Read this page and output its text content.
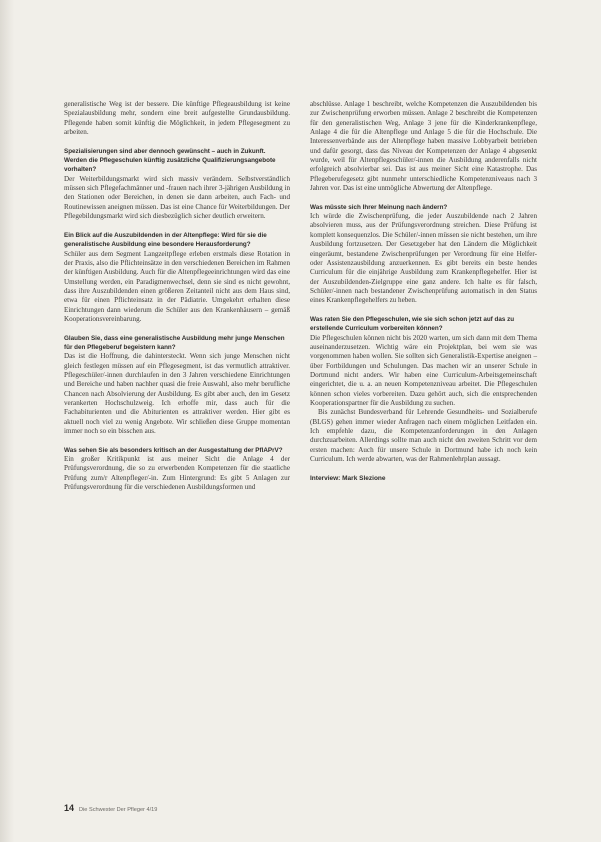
generalistische Weg ist der bessere. Die künftige Pflegeausbildung ist keine Spezialausbildung mehr, sondern eine breit aufgestellte Grundausbildung. Pflegende haben somit künftig die Möglichkeit, in jedem Pflegesegment zu arbeiten.

Spezialisierungen sind aber dennoch gewünscht – auch in Zukunft. Werden die Pflegeschulen künftig zusätzliche Qualifizierungsangebote vorhalten?

Der Weiterbildungsmarkt wird sich massiv verändern. Selbstverständlich müssen sich Pflegefachmänner und -frauen nach ihrer 3-jährigen Ausbildung in den Stationen oder Bereichen, in denen sie dann arbeiten, auch Fach- und Routinewissen aneignen müssen. Das ist eine Chance für Weiterbildungen. Der Pflegebildungsmarkt wird sich diesbezüglich sicher deutlich erweitern.

Ein Blick auf die Auszubildenden in der Altenpflege: Wird für sie die generalistische Ausbildung eine besondere Herausforderung?

Schüler aus dem Segment Langzeitpflege erleben erstmals diese Rotation in der Praxis, also die Pflichteinsätze in den verschiedenen Bereichen im Rahmen der künftigen Ausbildung. Auch für die Altenpflegeeinrichtungen wird das eine Umstellung werden, ein Paradigmenwechsel, denn sie sind es nicht gewohnt, dass ihre Auszubildenden einen größeren Zeitanteil nicht aus dem Haus sind, etwa für einen Pflichteinsatz in der Pädiatrie. Umgekehrt erhalten diese Einrichtungen dann wiederum die Schüler aus den Krankenhäusern – gemäß Kooperationsvereinbarung.

Glauben Sie, dass eine generalistische Ausbildung mehr junge Menschen für den Pflegeberuf begeistern kann?

Das ist die Hoffnung, die dahintersteckt. Wenn sich junge Menschen nicht gleich festlegen müssen auf ein Pflegesegment, ist das vermutlich attraktiver. Pflegeschüler/-innen durchlaufen in den 3 Jahren verschiedene Einrichtungen und Bereiche und haben nachher quasi die freie Auswahl, also mehr berufliche Chancen nach Absolvierung der Ausbildung. Es gibt aber auch, den im Gesetz verankerten Hochschulzweig. Ich erhoffe mir, dass auch für die Fachabiturienten und die Abiturienten es attraktiver werden. Hier gibt es aktuell noch viel zu wenig Angebote. Wir schließen diese Gruppe momentan immer noch so ein bisschen aus.

Was sehen Sie als besonders kritisch an der Ausgestaltung der PflAPrV?

Ein großer Kritikpunkt ist aus meiner Sicht die Anlage 4 der Prüfungsverordnung, die so zu erwerbenden Kompetenzen für die staatliche Prüfung zum/r Altenpfleger/-in. Zum Hintergrund: Es gibt 5 Anlagen zur Prüfungsverordnung für die verschiedenen Ausbildungsformen und

abschlüsse. Anlage 1 beschreibt, welche Kompetenzen die Auszubildenden bis zur Zwischenprüfung erworben müssen. Anlage 2 beschreibt die Kompetenzen für den generalistischen Weg, Anlage 3 jene für die Kinderkrankenpflege, Anlage 4 die für die Altenpflege und Anlage 5 die für die Hochschule. Die Interessenverbände aus der Altenpflege haben massive Lobbyarbeit betrieben und dafür gesorgt, dass das Niveau der Kompetenzen der Anlage 4 abgesenkt wurde, weil für Altenpflegeschüler/-innen die Ausbildung anderenfalls nicht erfolgreich absolvierbar sei. Das ist aus meiner Sicht eine Katastrophe. Das Pflegeberufegesetz gibt nunmehr unterschiedliche Kompetenzniveaus nach 3 Jahren vor. Das ist eine unmögliche Abwertung der Altenpflege.

Was müsste sich Ihrer Meinung nach ändern?

Ich würde die Zwischenprüfung, die jeder Auszubildende nach 2 Jahren absolvieren muss, aus der Prüfungsverordnung streichen. Diese Prüfung ist komplett konsequenzlos. Die Schüler/-innen müssen sie nicht bestehen, um ihre Ausbildung fortzusetzen. Der Gesetzgeber hat den Ländern die Möglichkeit eingeräumt, bestandene Zwischenprüfungen per Verordnung für eine Helfer- oder Assistenzausbildung anzuerkennen. Es gibt bereits ein beste hendes Curriculum für die einjährige Ausbildung zum Krankenpflegehelfer. Hier ist der Auszubildenden-Zielgruppe eine ganz andere. Ich halte es für falsch, Schüler/-innen nach bestandener Zwischenprüfung automatisch in den Status eines Krankenpflegehelfers zu heben.

Was raten Sie den Pflegeschulen, wie sie sich schon jetzt auf das zu erstellende Curriculum vorbereiten können?

Die Pflegeschulen können nicht bis 2020 warten, um sich dann mit dem Thema auseinanderzusetzen. Wichtig wäre ein Projektplan, bei wem sie was vorgenommen haben wollen. Sie sollten sich Generalistik-Expertise aneignen – über Fortbildungen und Schulungen. Das machen wir an unserer Schule in Dortmund nicht anders. Wir haben eine Curriculum-Arbeitsgemeinschaft eingerichtet, die u. a. an neuen Kompetenzniveau arbeitet. Die Pflegeschulen können schon vieles vorbereiten. Dazu gehört auch, sich die entsprechenden Kooperationspartner für die Ausbildung zu suchen.

Bis zunächst Bundesverband für Lehrende Gesundheits- und Sozialberufe (BLGS) gehen immer wieder Anfragen nach einem möglichen Leitfaden ein. Ich empfehle dazu, die Kompetenzanforderungen in den Anlagen durchzuarbeiten. Allerdings sollte man auch nicht den zweiten Schritt vor dem ersten machen: Auch für unsere Schule in Dortmund habe ich noch kein Curriculum. Ich werde abwarten, was der Rahmenlehrplan aussagt.

Interview: Mark Slezione

14 Die Schwester Der Pfleger 4/19
